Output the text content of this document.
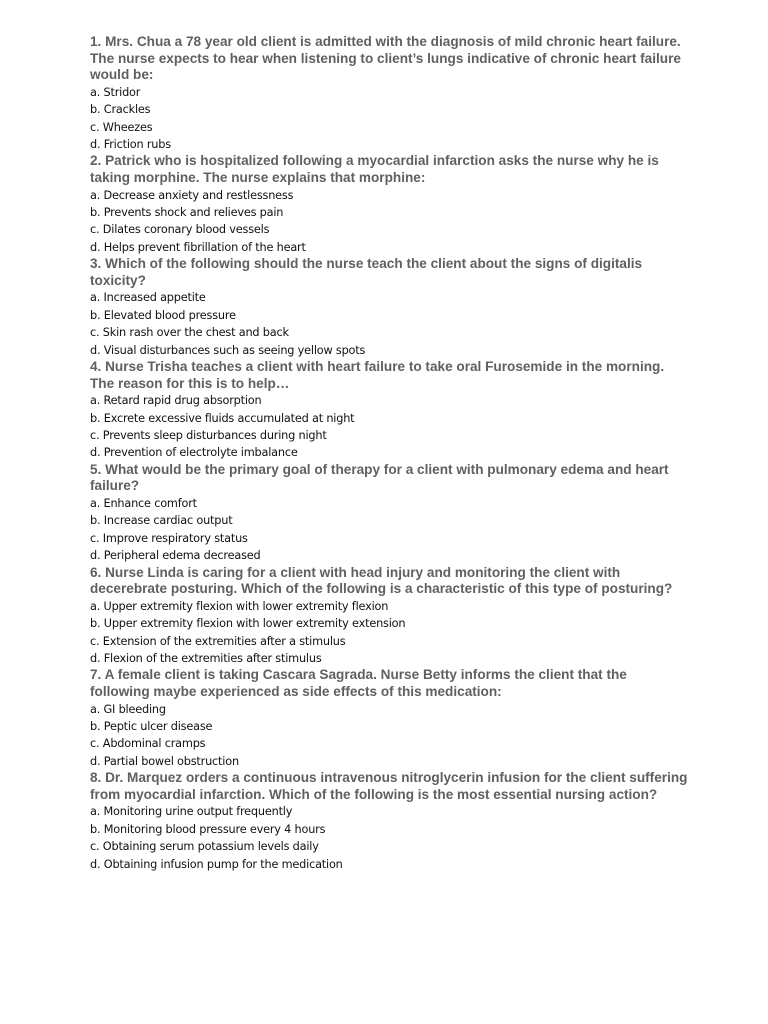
1. Mrs. Chua a 78 year old client is admitted with the diagnosis of mild chronic heart failure. The nurse expects to hear when listening to client’s lungs indicative of chronic heart failure would be:

a. Stridor

b. Crackles

c. Wheezes

d. Friction rubs

2. Patrick who is hospitalized following a myocardial infarction asks the nurse why he is taking morphine. The nurse explains that morphine:

a. Decrease anxiety and restlessness

b. Prevents shock and relieves pain

c. Dilates coronary blood vessels

d. Helps prevent fibrillation of the heart

3. Which of the following should the nurse teach the client about the signs of digitalis toxicity?

a. Increased appetite

b. Elevated blood pressure

c. Skin rash over the chest and back

d. Visual disturbances such as seeing yellow spots

4. Nurse Trisha teaches a client with heart failure to take oral Furosemide in the morning. The reason for this is to help…

a. Retard rapid drug absorption

b. Excrete excessive fluids accumulated at night

c. Prevents sleep disturbances during night

d. Prevention of electrolyte imbalance

5. What would be the primary goal of therapy for a client with pulmonary edema and heart failure?

a. Enhance comfort

b. Increase cardiac output

c. Improve respiratory status

d. Peripheral edema decreased

6. Nurse Linda is caring for a client with head injury and monitoring the client with decerebrate posturing. Which of the following is a characteristic of this type of posturing?

a. Upper extremity flexion with lower extremity flexion

b. Upper extremity flexion with lower extremity extension

c. Extension of the extremities after a stimulus

d. Flexion of the extremities after stimulus

7. A female client is taking Cascara Sagrada. Nurse Betty informs the client that the following maybe experienced as side effects of this medication:

a. GI bleeding

b. Peptic ulcer disease

c. Abdominal cramps

d. Partial bowel obstruction

8. Dr. Marquez orders a continuous intravenous nitroglycerin infusion for the client suffering from myocardial infarction. Which of the following is the most essential nursing action?

a. Monitoring urine output frequently

b. Monitoring blood pressure every 4 hours

c. Obtaining serum potassium levels daily

d. Obtaining infusion pump for the medication
